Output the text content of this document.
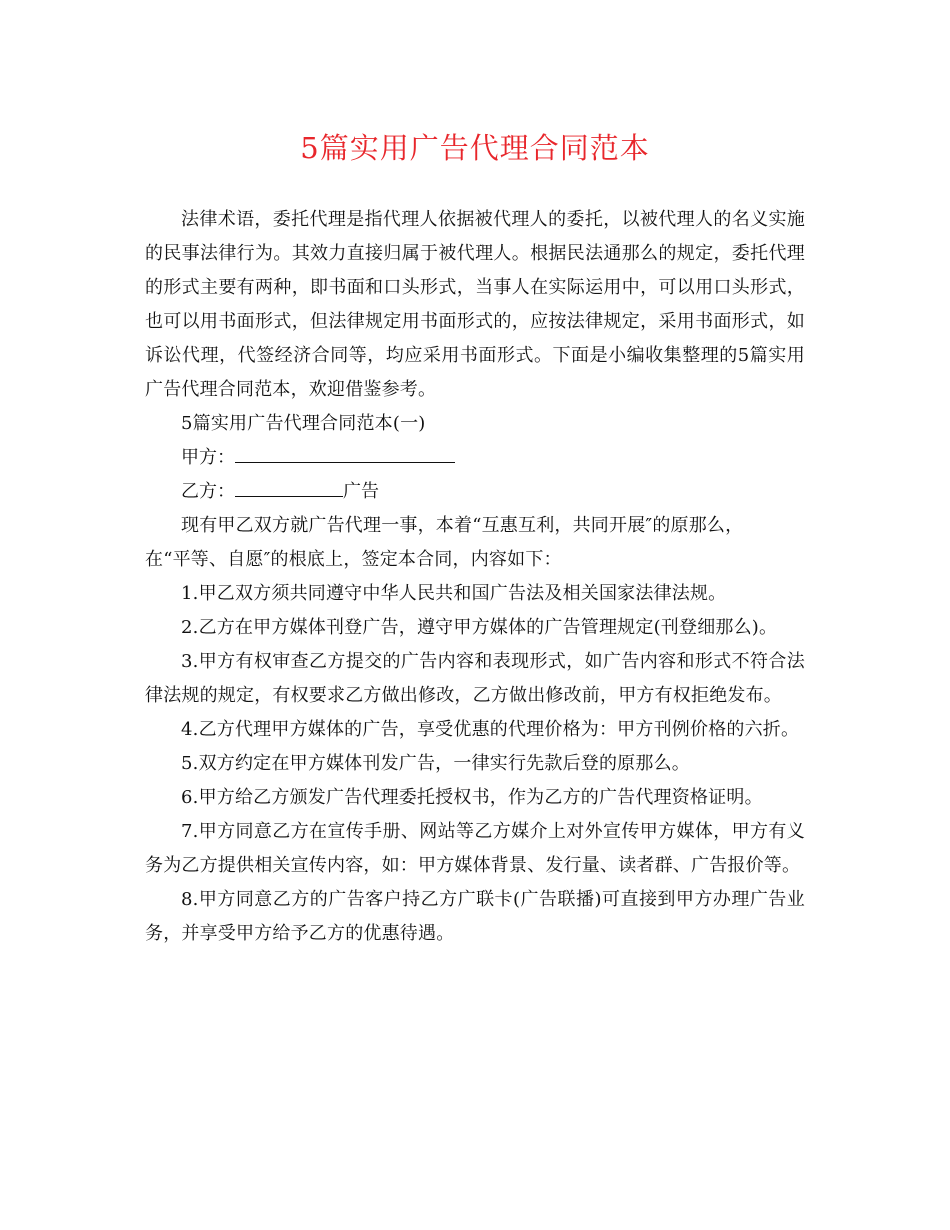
5篇实用广告代理合同范本

法律术语，委托代理是指代理人依据被代理人的委托，以被代理人的名义实施的民事法律行为。其效力直接归属于被代理人。根据民法通那么的规定，委托代理的形式主要有两种，即书面和口头形式，当事人在实际运用中，可以用口头形式，也可以用书面形式，但法律规定用书面形式的，应按法律规定，采用书面形式，如诉讼代理，代签经济合同等，均应采用书面形式。下面是小编收集整理的5篇实用广告代理合同范本，欢迎借鉴参考。

5篇实用广告代理合同范本(一)

甲方：

乙方：	广告

现有甲乙双方就广告代理一事，本着“互惠互利，共同开展″的原那么，

在“平等、自愿″的根底上，签定本合同，内容如下：

1.甲乙双方须共同遵守中华人民共和国广告法及相关国家法律法规。

2.乙方在甲方媒体刊登广告，遵守甲方媒体的广告管理规定(刊登细那么)。

3.甲方有权审查乙方提交的广告内容和表现形式，如广告内容和形式不符合法律法规的规定，有权要求乙方做出修改，乙方做出修改前，甲方有权拒绝发布。

4.乙方代理甲方媒体的广告，享受优惠的代理价格为：甲方刊例价格的六折。

5.双方约定在甲方媒体刊发广告，一律实行先款后登的原那么。

6.甲方给乙方颁发广告代理委托授权书，作为乙方的广告代理资格证明。

7.甲方同意乙方在宣传手册、网站等乙方媒介上对外宣传甲方媒体，甲方有义务为乙方提供相关宣传内容，如：甲方媒体背景、发行量、读者群、广告报价等。

8.甲方同意乙方的广告客户持乙方广联卡(广告联播)可直接到甲方办理广告业务，并享受甲方给予乙方的优惠待遇。
